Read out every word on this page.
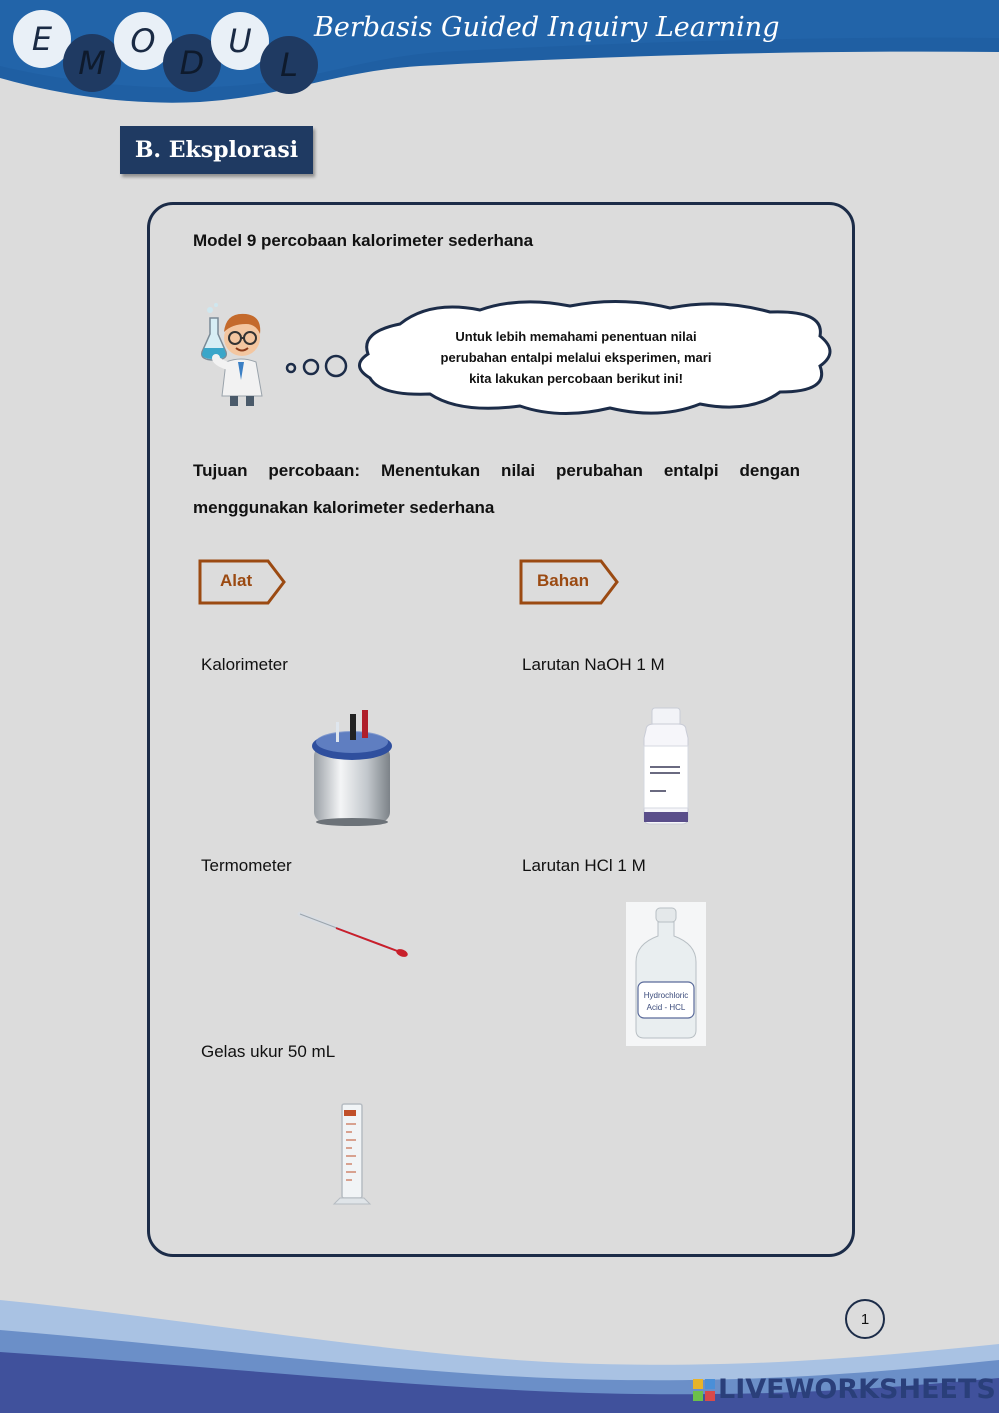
E
M
O
D
U
L
Berbasis Guided Inquiry Learning
B. Eksplorasi
Model 9 percobaan kalorimeter sederhana
Untuk lebih memahami penentuan nilai perubahan entalpi melalui eksperimen, mari kita lakukan percobaan berikut ini!
Tujuan percobaan: Menentukan nilai perubahan entalpi dengan menggunakan kalorimeter sederhana
Alat	Bahan
Kalorimeter
Termometer
Gelas ukur 50 mL
Larutan NaOH 1 M
Larutan HCl 1 M
Hydrochloric
Acid - HCL
1
LIVEWORKSHEETS
